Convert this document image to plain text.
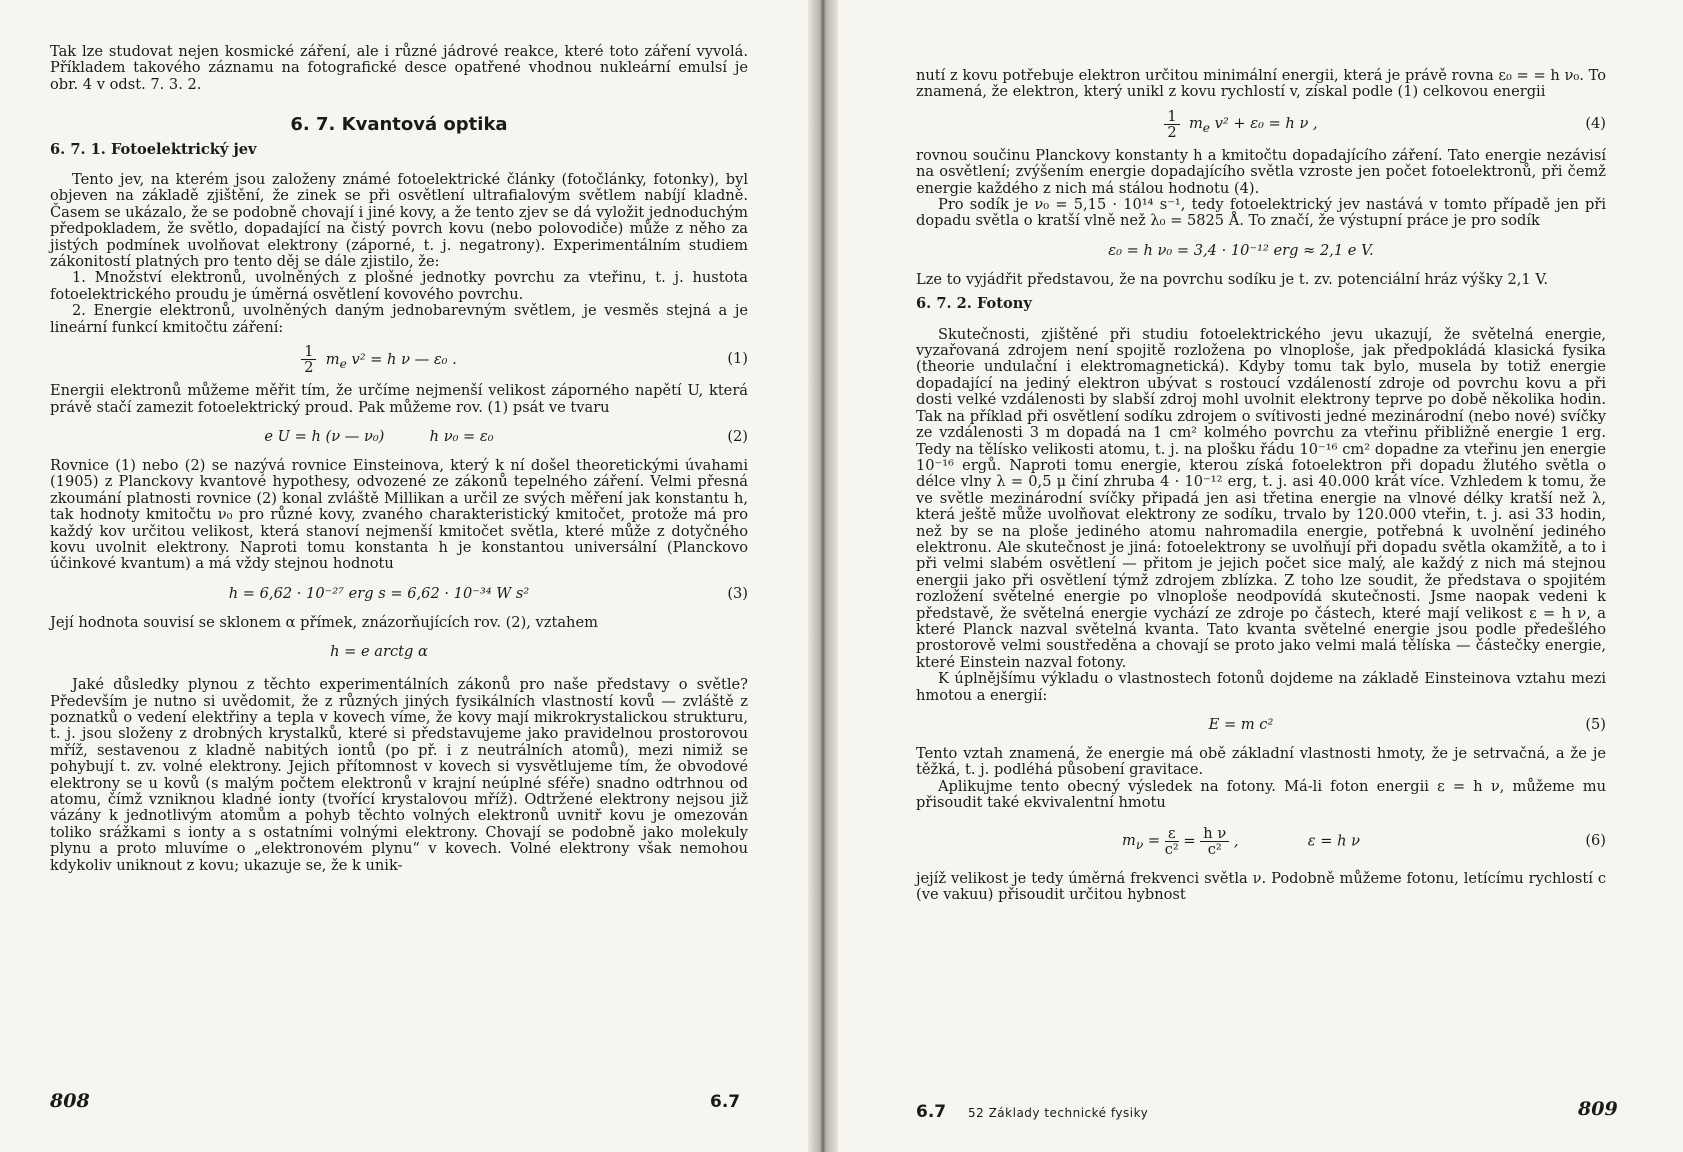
Tak lze studovat nejen kosmické záření, ale i různé jádrové reakce, které toto záření vyvolá. Příkladem takového záznamu na fotografické desce opatřené vhodnou nukleární emulsí je obr. 4 v odst. 7. 3. 2.

6. 7. Kvantová optika
6. 7. 1. Fotoelektrický jev

Tento jev, na kterém jsou založeny známé fotoelektrické články (fotočlánky, fotonky), byl objeven na základě zjištění, že zinek se při osvětlení ultrafialovým světlem nabíjí kladně. Časem se ukázalo, že se podobně chovají i jiné kovy, a že tento zjev se dá vyložit jednoduchým předpokladem, že světlo, dopadající na čistý povrch kovu (nebo polovodiče) může z něho za jistých podmínek uvolňovat elektrony (záporné, t. j. negatrony). Experimentálním studiem zákonitostí platných pro tento děj se dále zjistilo, že:

1. Množství elektronů, uvolněných z plošné jednotky povrchu za vteřinu, t. j. hustota fotoelektrického proudu je úměrná osvětlení kovového povrchu.

2. Energie elektronů, uvolněných daným jednobarevným světlem, je vesměs stejná a je lineární funkcí kmitočtu záření:

$\frac{1}{2} m_e$ v² = h ν — ε₀ .	(1)

Energii elektronů můžeme měřit tím, že určíme nejmenší velikost záporného napětí U, která právě stačí zamezit fotoelektrický proud. Pak můžeme rov. (1) psát ve tvaru

e U = h (ν — ν₀)	h ν₀ = ε₀	(2)

Rovnice (1) nebo (2) se nazývá rovnice Einsteinova, který k ní došel theoretickými úvahami (1905) z Planckovy kvantové hypothesy, odvozené ze zákonů tepelného záření. Velmi přesná zkoumání platnosti rovnice (2) konal zvláště Millikan a určil ze svých měření jak konstantu h, tak hodnoty kmitočtu ν₀ pro různé kovy, zvaného charakteristický kmitočet, protože má pro každý kov určitou velikost, která stanoví nejmenší kmitočet světla, které může z dotyčného kovu uvolnit elektrony. Naproti tomu konstanta h je konstantou universální (Planckovo účinkové kvantum) a má vždy stejnou hodnotu

h = 6,62 · 10⁻²⁷ erg s = 6,62 · 10⁻³⁴ W s²	(3)

Její hodnota souvisí se sklonem α přímek, znázorňujících rov. (2), vztahem

h = e arctg α

Jaké důsledky plynou z těchto experimentálních zákonů pro naše představy o světle? Především je nutno si uvědomit, že z různých jiných fysikálních vlastností kovů — zvláště z poznatků o vedení elektřiny a tepla v kovech víme, že kovy mají mikrokrystalickou strukturu, t. j. jsou složeny z drobných krystalků, které si představujeme jako pravidelnou prostorovou mříž, sestavenou z kladně nabitých iontů (po př. i z neutrálních atomů), mezi nimiž se pohybují t. zv. volné elektrony. Jejich přítomnost v kovech si vysvětlujeme tím, že obvodové elektrony se u kovů (s malým počtem elektronů v krajní neúplné sféře) snadno odtrhnou od atomu, čímž vzniknou kladné ionty (tvořící krystalovou mříž). Odtržené elektrony nejsou již vázány k jednotlivým atomům a pohyb těchto volných elektronů uvnitř kovu je omezován toliko srážkami s ionty a s ostatními volnými elektrony. Chovají se podobně jako molekuly plynu a proto mluvíme o „elektronovém plynu“ v kovech. Volné elektrony však nemohou kdykoliv uniknout z kovu; ukazuje se, že k unik-

808	6.7

nutí z kovu potřebuje elektron určitou minimální energii, která je právě rovna ε₀ = = h ν₀. To znamená, že elektron, který unikl z kovu rychlostí v, získal podle (1) celkovou energii

$\frac{1}{2} m_e$ v² + ε₀ = h ν ,	(4)

rovnou součinu Planckovy konstanty h a kmitočtu dopadajícího záření. Tato energie nezávisí na osvětlení; zvýšením energie dopadajícího světla vzroste jen počet fotoelektronů, při čemž energie každého z nich má stálou hodnotu (4).

Pro sodík je ν₀ = 5,15 · 10¹⁴ s⁻¹, tedy fotoelektrický jev nastává v tomto případě jen při dopadu světla o kratší vlně než λ₀ = 5825 Å. To značí, že výstupní práce je pro sodík

ε₀ = h ν₀ = 3,4 · 10⁻¹² erg ≈ 2,1 e V.

Lze to vyjádřit představou, že na povrchu sodíku je t. zv. potenciální hráz výšky 2,1 V.

6. 7. 2. Fotony

Skutečnosti, zjištěné při studiu fotoelektrického jevu ukazují, že světelná energie, vyzařovaná zdrojem není spojitě rozložena po vlnoploše, jak předpokládá klasická fysika (theorie undulační i elektromagnetická). Kdyby tomu tak bylo, musela by totiž energie dopadající na jediný elektron ubývat s rostoucí vzdáleností zdroje od povrchu kovu a při dosti velké vzdálenosti by slabší zdroj mohl uvolnit elektrony teprve po době několika hodin. Tak na příklad při osvětlení sodíku zdrojem o svítivosti jedné mezinárodní (nebo nové) svíčky ze vzdálenosti 3 m dopadá na 1 cm² kolmého povrchu za vteřinu přibližně energie 1 erg. Tedy na tělísko velikosti atomu, t. j. na plošku řádu 10⁻¹⁶ cm² dopadne za vteřinu jen energie 10⁻¹⁶ ergů. Naproti tomu energie, kterou získá fotoelektron při dopadu žlutého světla o délce vlny λ = 0,5 μ činí zhruba 4 · 10⁻¹² erg, t. j. asi 40.000 krát více. Vzhledem k tomu, že ve světle mezinárodní svíčky připadá jen asi třetina energie na vlnové délky kratší než λ, která ještě může uvolňovat elektrony ze sodíku, trvalo by 120.000 vteřin, t. j. asi 33 hodin, než by se na ploše jediného atomu nahromadila energie, potřebná k uvolnění jediného elektronu. Ale skutečnost je jiná: fotoelektrony se uvolňují při dopadu světla okamžitě, a to i při velmi slabém osvětlení — přitom je jejich počet sice malý, ale každý z nich má stejnou energii jako při osvětlení týmž zdrojem zblízka. Z toho lze soudit, že představa o spojitém rozložení světelné energie po vlnoploše neodpovídá skutečnosti. Jsme naopak vedeni k představě, že světelná energie vychází ze zdroje po částech, které mají velikost ε = h ν, a které Planck nazval světelná kvanta. Tato kvanta světelné energie jsou podle předešlého prostorově velmi soustředěna a chovají se proto jako velmi malá tělíska — částečky energie, které Einstein nazval fotony.

K úplnějšímu výkladu o vlastnostech fotonů dojdeme na základě Einsteinova vztahu mezi hmotou a energií:

E = m c²	(5)

Tento vztah znamená, že energie má obě základní vlastnosti hmoty, že je setrvačná, a že je těžká, t. j. podléhá působení gravitace.

Aplikujme tento obecný výsledek na fotony. Má-li foton energii ε = h ν, můžeme mu přisoudit také ekvivalentní hmotu

$m_\nu = \frac{\varepsilon}{\text{c²}} = \frac{\text{h ν}}{\text{c²}}$ ,	ε = h ν	(6)

jejíž velikost je tedy úměrná frekvenci světla ν. Podobně můžeme fotonu, letícímu rychlostí c (ve vakuu) přisoudit určitou hybnost

6.7 52 Základy technické fysiky	809
